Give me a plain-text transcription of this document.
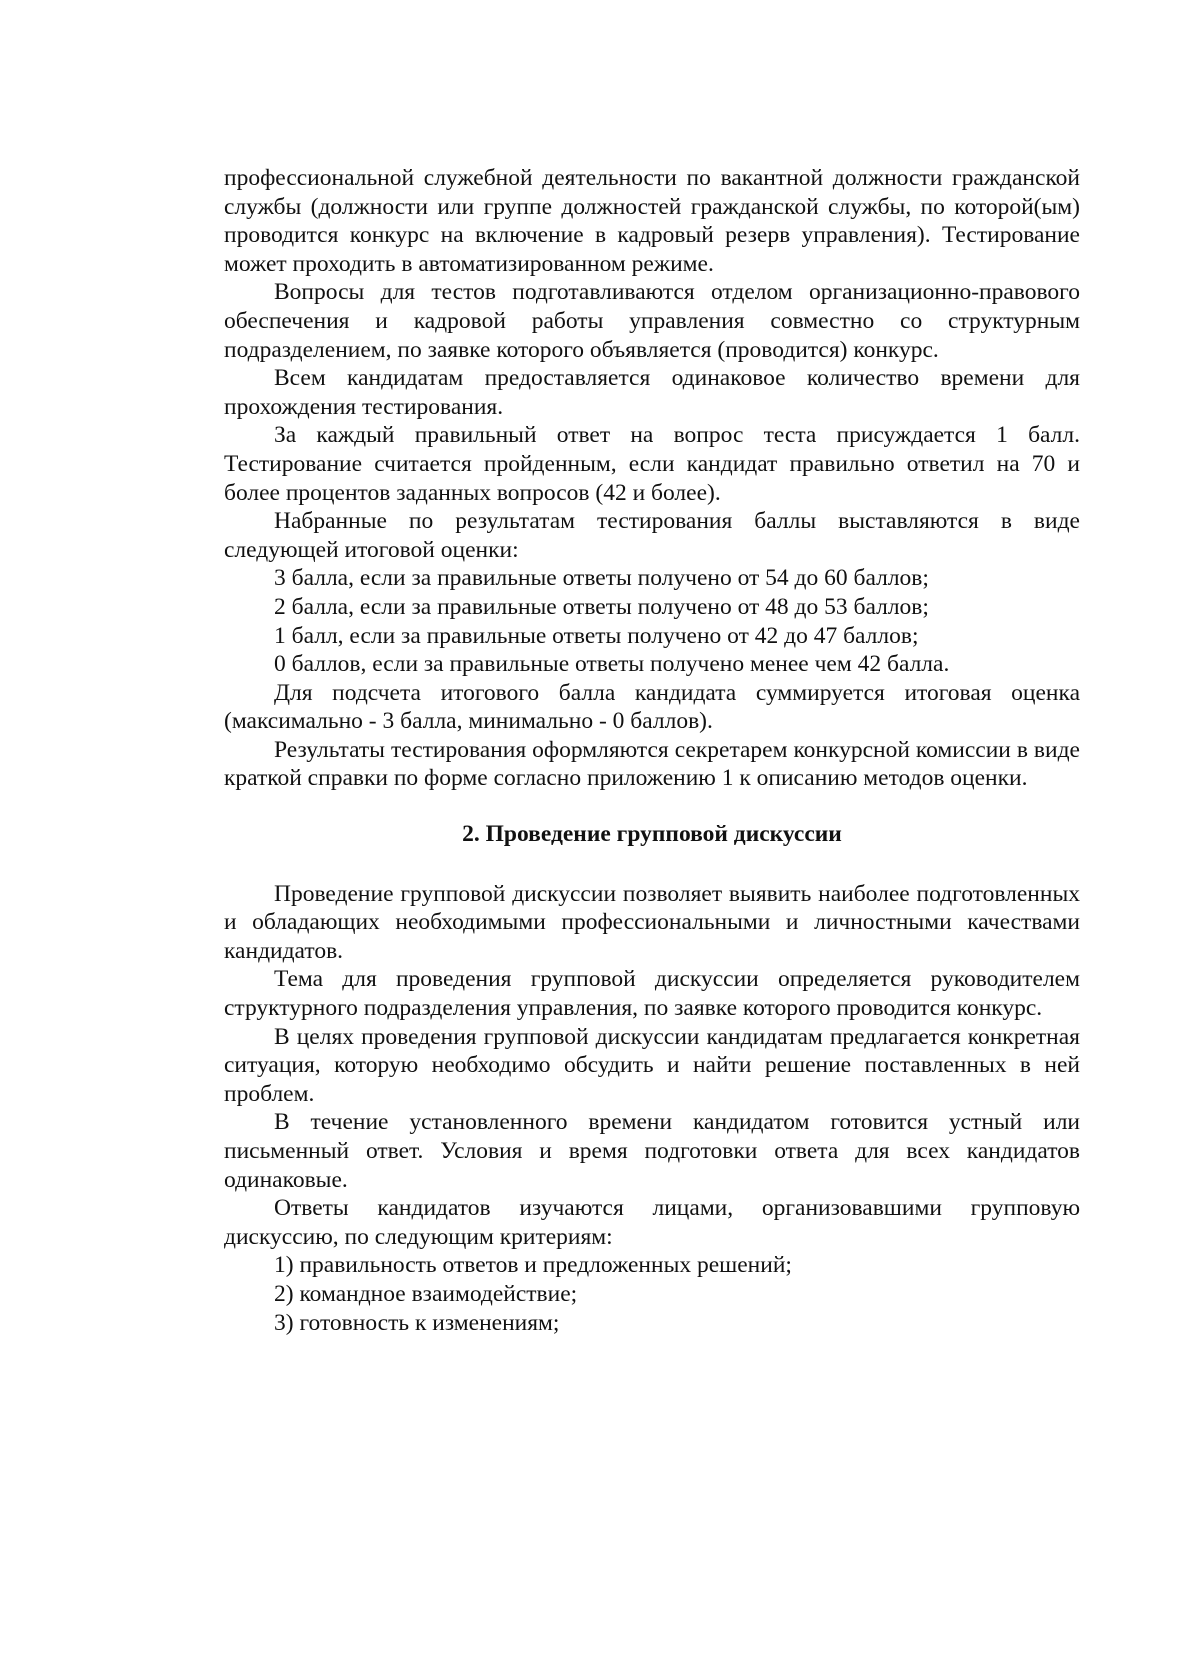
профессиональной служебной деятельности по вакантной должности гражданской службы (должности или группе должностей гражданской службы, по которой(ым) проводится конкурс на включение в кадровый резерв управления). Тестирование может проходить в автоматизированном режиме.

Вопросы для тестов подготавливаются отделом организационно-правового обеспечения и кадровой работы управления совместно со структурным подразделением, по заявке которого объявляется (проводится) конкурс.

Всем кандидатам предоставляется одинаковое количество времени для прохождения тестирования.

За каждый правильный ответ на вопрос теста присуждается 1 балл. Тестирование считается пройденным, если кандидат правильно ответил на 70 и более процентов заданных вопросов (42 и более).

Набранные по результатам тестирования баллы выставляются в виде следующей итоговой оценки:

3 балла, если за правильные ответы получено от 54 до 60 баллов;

2 балла, если за правильные ответы получено от 48 до 53 баллов;

1 балл, если за правильные ответы получено от 42 до 47 баллов;

0 баллов, если за правильные ответы получено менее чем 42 балла.

Для подсчета итогового балла кандидата суммируется итоговая оценка (максимально - 3 балла, минимально - 0 баллов).

Результаты тестирования оформляются секретарем конкурсной комиссии в виде краткой справки по форме согласно приложению 1 к описанию методов оценки.

2. Проведение групповой дискуссии

Проведение групповой дискуссии позволяет выявить наиболее подготовленных и обладающих необходимыми профессиональными и личностными качествами кандидатов.

Тема для проведения групповой дискуссии определяется руководителем структурного подразделения управления, по заявке которого проводится конкурс.

В целях проведения групповой дискуссии кандидатам предлагается конкретная ситуация, которую необходимо обсудить и найти решение поставленных в ней проблем.

В течение установленного времени кандидатом готовится устный или письменный ответ. Условия и время подготовки ответа для всех кандидатов одинаковые.

Ответы кандидатов изучаются лицами, организовавшими групповую дискуссию, по следующим критериям:

1) правильность ответов и предложенных решений;

2) командное взаимодействие;

3) готовность к изменениям;
